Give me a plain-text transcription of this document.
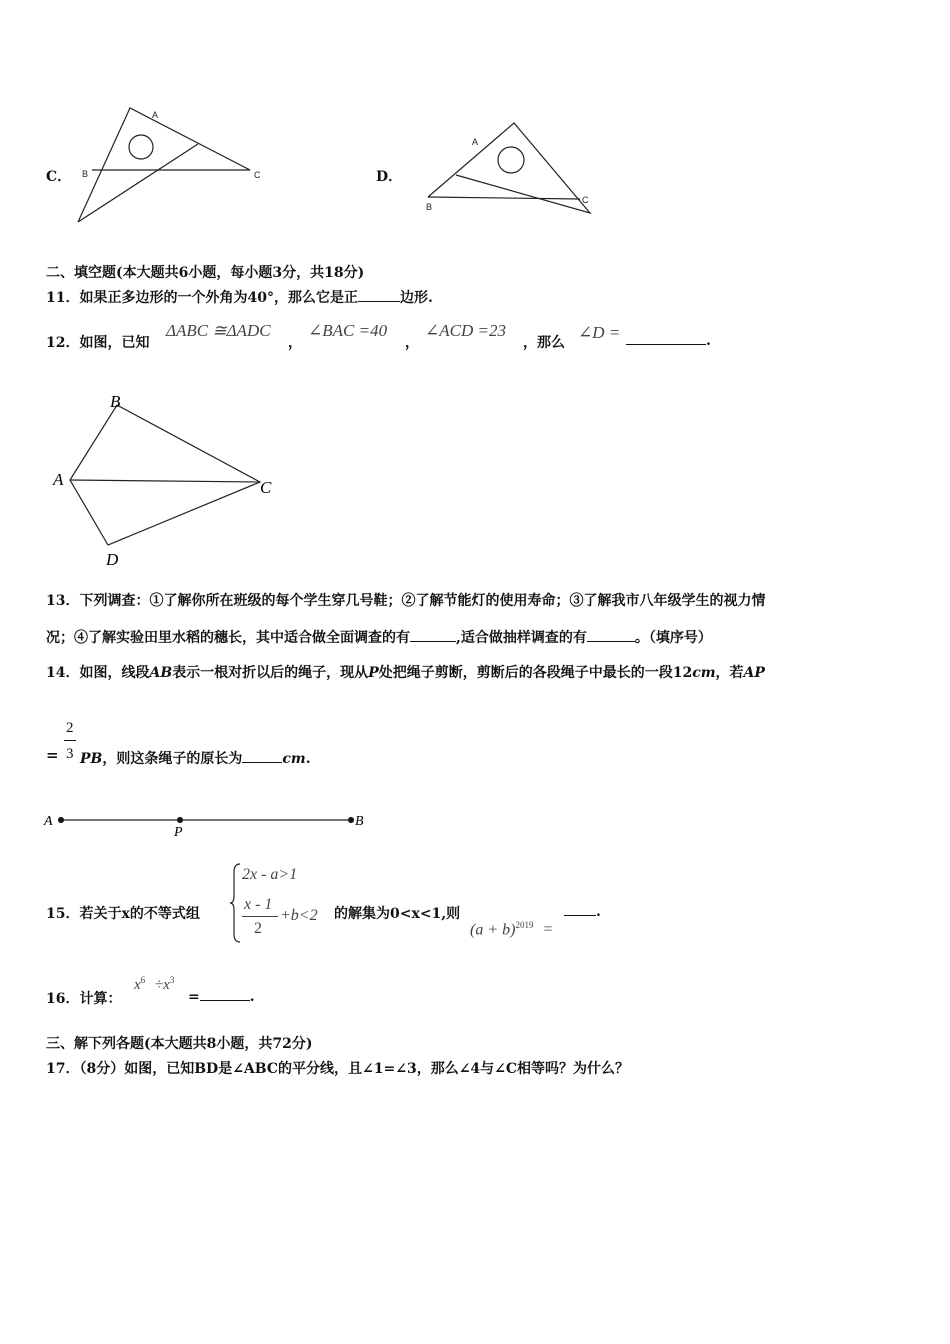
C．
A
B	C	D．
A
B
C
二、填空题(本大题共6小题，每小题3分，共18分)
11．如果正多边形的一个外角为40°，那么它是正	边形.
12．如图，已知
ΔABC ≅ΔADC
，
∠BAC =40
，
∠ACD =23
，那么
∠D =	.
B
A	C
D
13．下列调查：①了解你所在班级的每个学生穿几号鞋；②了解节能灯的使用寿命；③了解我市八年级学生的视力情
况；④了解实验田里水稻的穗长，其中适合做全面调查的有	,适合做抽样调查的有	。（填序号）
14．如图，线段AB表示一根对折以后的绳子，现从P处把绳子剪断，剪断后的各段绳子中最长的一段12cm，若AP
=
2
3 PB，则这条绳子的原长为	cm.
A
P
B
15．若关于x的不等式组
2x - a>1
x - 1
2
+b<2 的解集为0<x<1,则
$(a + b)^{2019}$ =
.
16．计算：
$x^6 \div x^3$
=	.
三、解下列各题(本大题共8小题，共72分)
17．（8分）如图，已知BD是∠ABC的平分线，且∠1=∠3，那么∠4与∠C相等吗？为什么？
